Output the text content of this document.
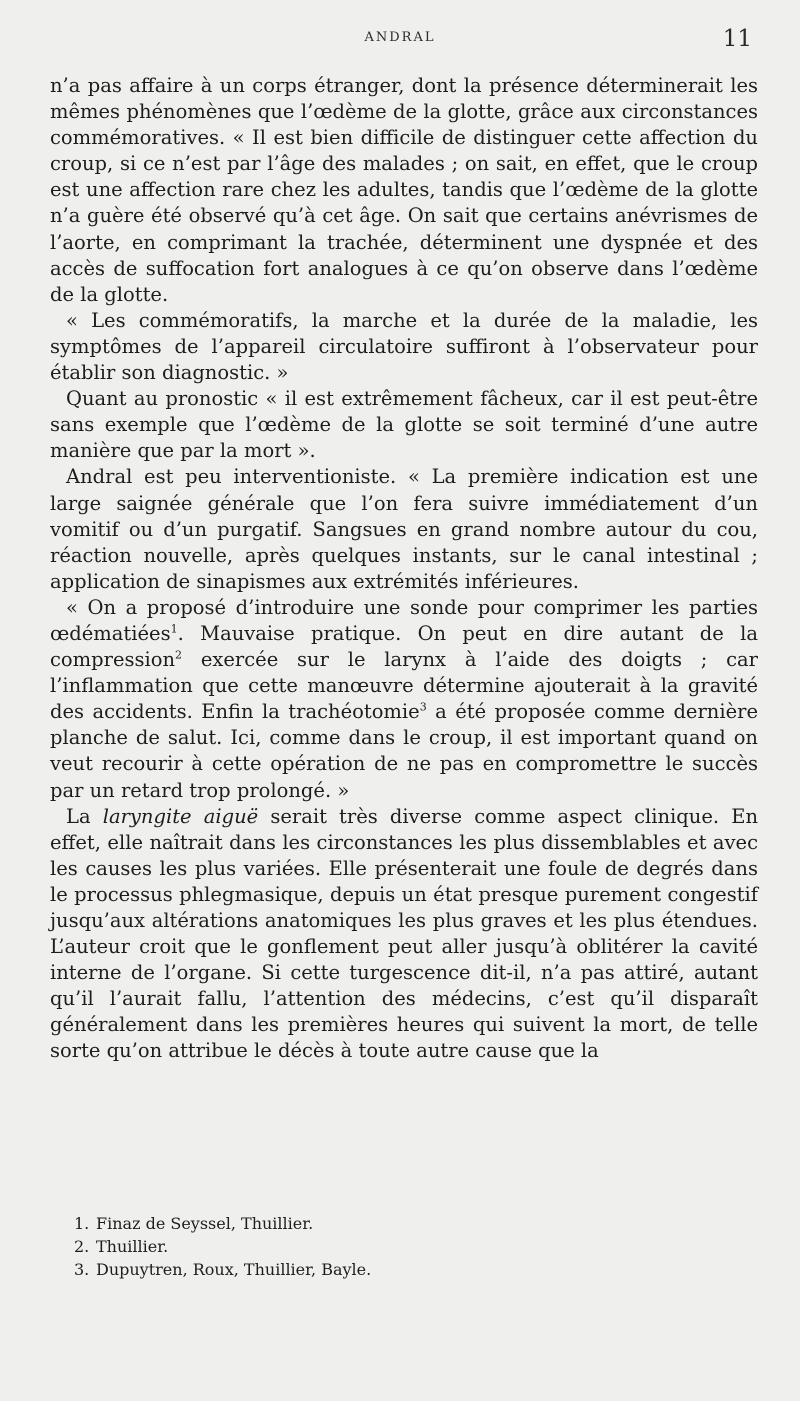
ANDRAL	11

n’a pas affaire à un corps étranger, dont la présence déterminerait les mêmes phénomènes que l’œdème de la glotte, grâce aux circonstances commémoratives. « Il est bien difficile de distinguer cette affection du croup, si ce n’est par l’âge des malades ; on sait, en effet, que le croup est une affection rare chez les adultes, tandis que l’œdème de la glotte n’a guère été observé qu’à cet âge. On sait que certains anévrismes de l’aorte, en comprimant la trachée, déterminent une dyspnée et des accès de suffocation fort analogues à ce qu’on observe dans l’œdème de la glotte.

« Les commémoratifs, la marche et la durée de la maladie, les symptômes de l’appareil circulatoire suffiront à l’observateur pour établir son diagnostic. »

Quant au pronostic « il est extrêmement fâcheux, car il est peut-être sans exemple que l’œdème de la glotte se soit terminé d’une autre manière que par la mort ».

Andral est peu interventioniste. « La première indication est une large saignée générale que l’on fera suivre immédiatement d’un vomitif ou d’un purgatif. Sangsues en grand nombre autour du cou, réaction nouvelle, après quelques instants, sur le canal intestinal ; application de sinapismes aux extrémités inférieures.

« On a proposé d’introduire une sonde pour comprimer les parties œdématiées$^1$. Mauvaise pratique. On peut en dire autant de la compression$^2$ exercée sur le larynx à l’aide des doigts ; car l’inflammation que cette manœuvre détermine ajouterait à la gravité des accidents. Enfin la trachéotomie$^3$ a été proposée comme dernière planche de salut. Ici, comme dans le croup, il est important quand on veut recourir à cette opération de ne pas en compromettre le succès par un retard trop prolongé. »

La laryngite aiguë serait très diverse comme aspect clinique. En effet, elle naîtrait dans les circonstances les plus dissemblables et avec les causes les plus variées. Elle présenterait une foule de degrés dans le processus phlegmasique, depuis un état presque purement congestif jusqu’aux altérations anatomiques les plus graves et les plus étendues. L’auteur croit que le gonflement peut aller jusqu’à oblitérer la cavité interne de l’organe. Si cette turgescence dit-il, n’a pas attiré, autant qu’il l’aurait fallu, l’attention des médecins, c’est qu’il disparaît généralement dans les premières heures qui suivent la mort, de telle sorte qu’on attribue le décès à toute autre cause que la

1. Finaz de Seyssel, Thuillier.
2. Thuillier.
3. Dupuytren, Roux, Thuillier, Bayle.
